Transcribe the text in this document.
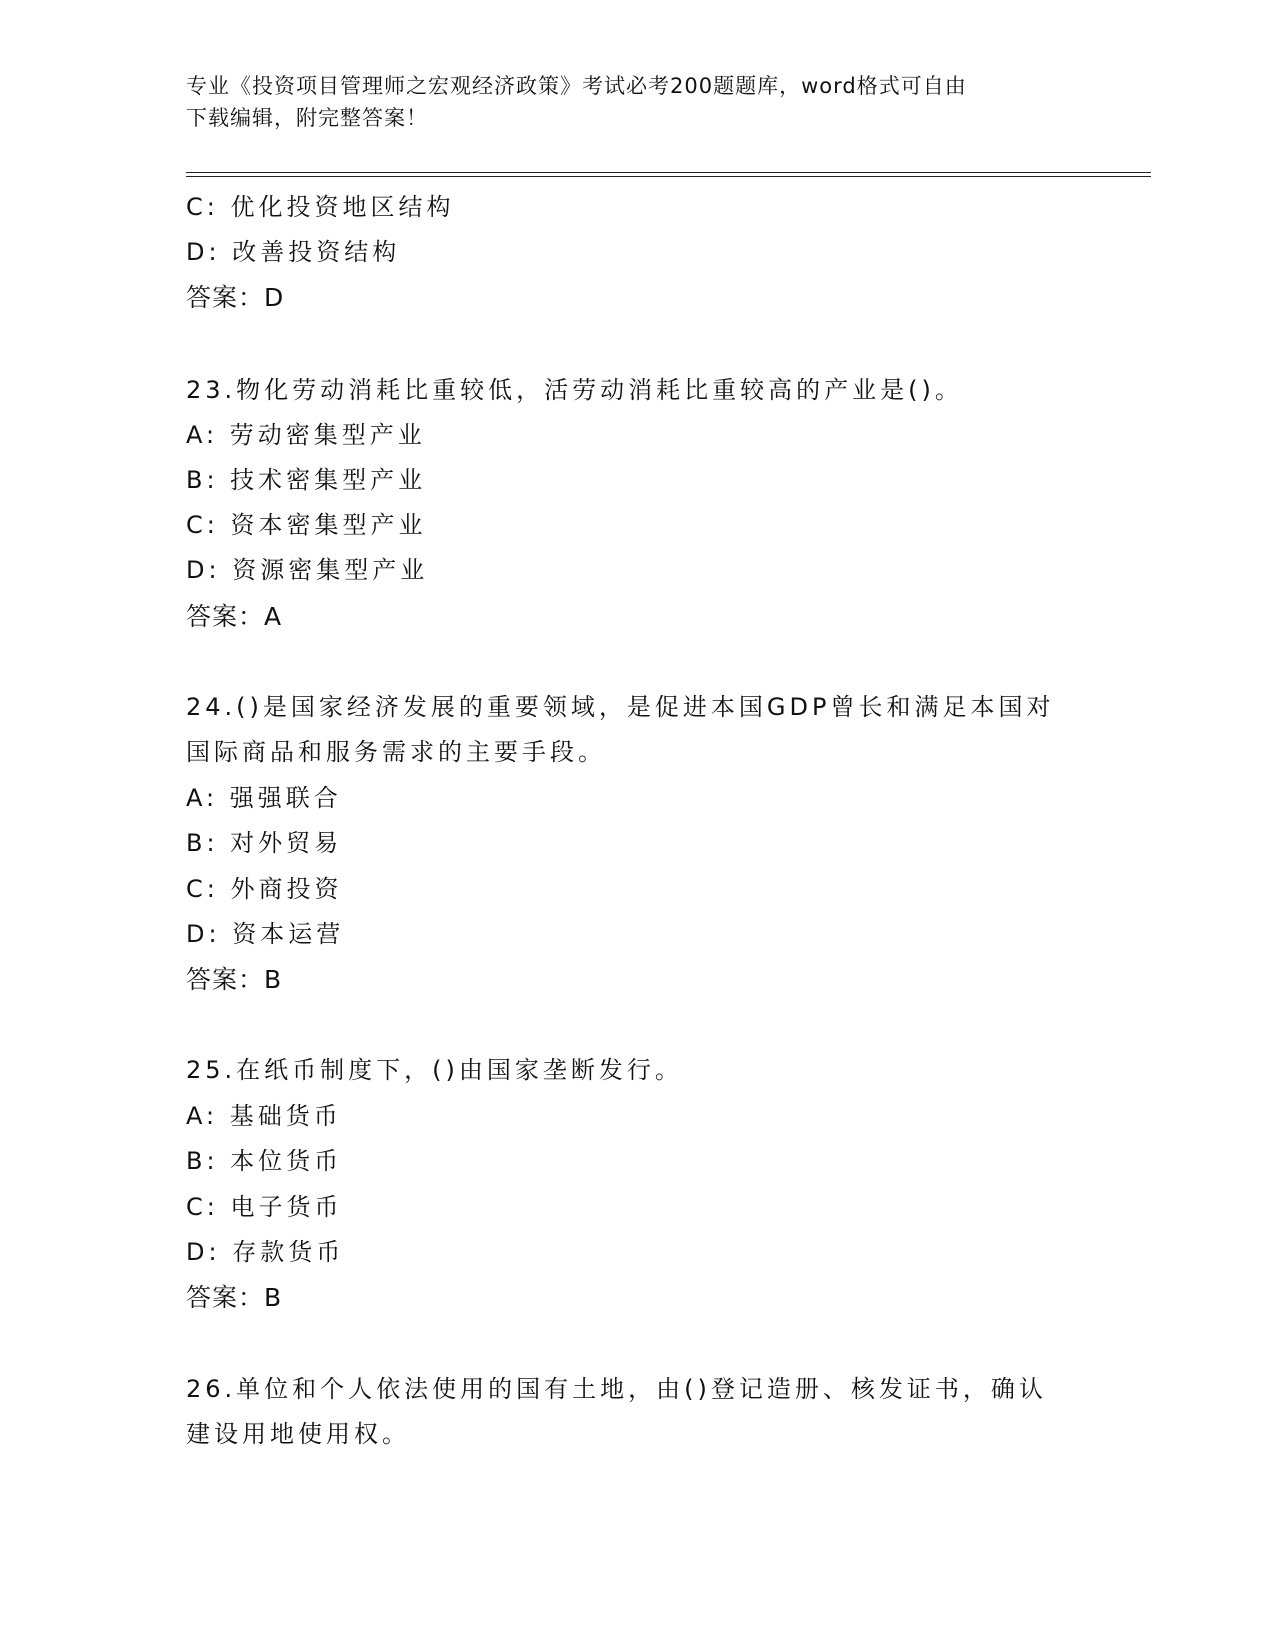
专业《投资项目管理师之宏观经济政策》考试必考200题题库，word格式可自由
下载编辑，附完整答案！
C: 优化投资地区结构
D: 改善投资结构
答案：D
23.物化劳动消耗比重较低，活劳动消耗比重较高的产业是()。
A: 劳动密集型产业
B: 技术密集型产业
C: 资本密集型产业
D: 资源密集型产业
答案：A
24.()是国家经济发展的重要领域，是促进本国GDP曾长和满足本国对
国际商品和服务需求的主要手段。
A: 强强联合
B: 对外贸易
C: 外商投资
D: 资本运营
答案：B
25.在纸币制度下，()由国家垄断发行。
A: 基础货币
B: 本位货币
C: 电子货币
D: 存款货币
答案：B
26.单位和个人依法使用的国有土地，由()登记造册、核发证书，确认
建设用地使用权。
